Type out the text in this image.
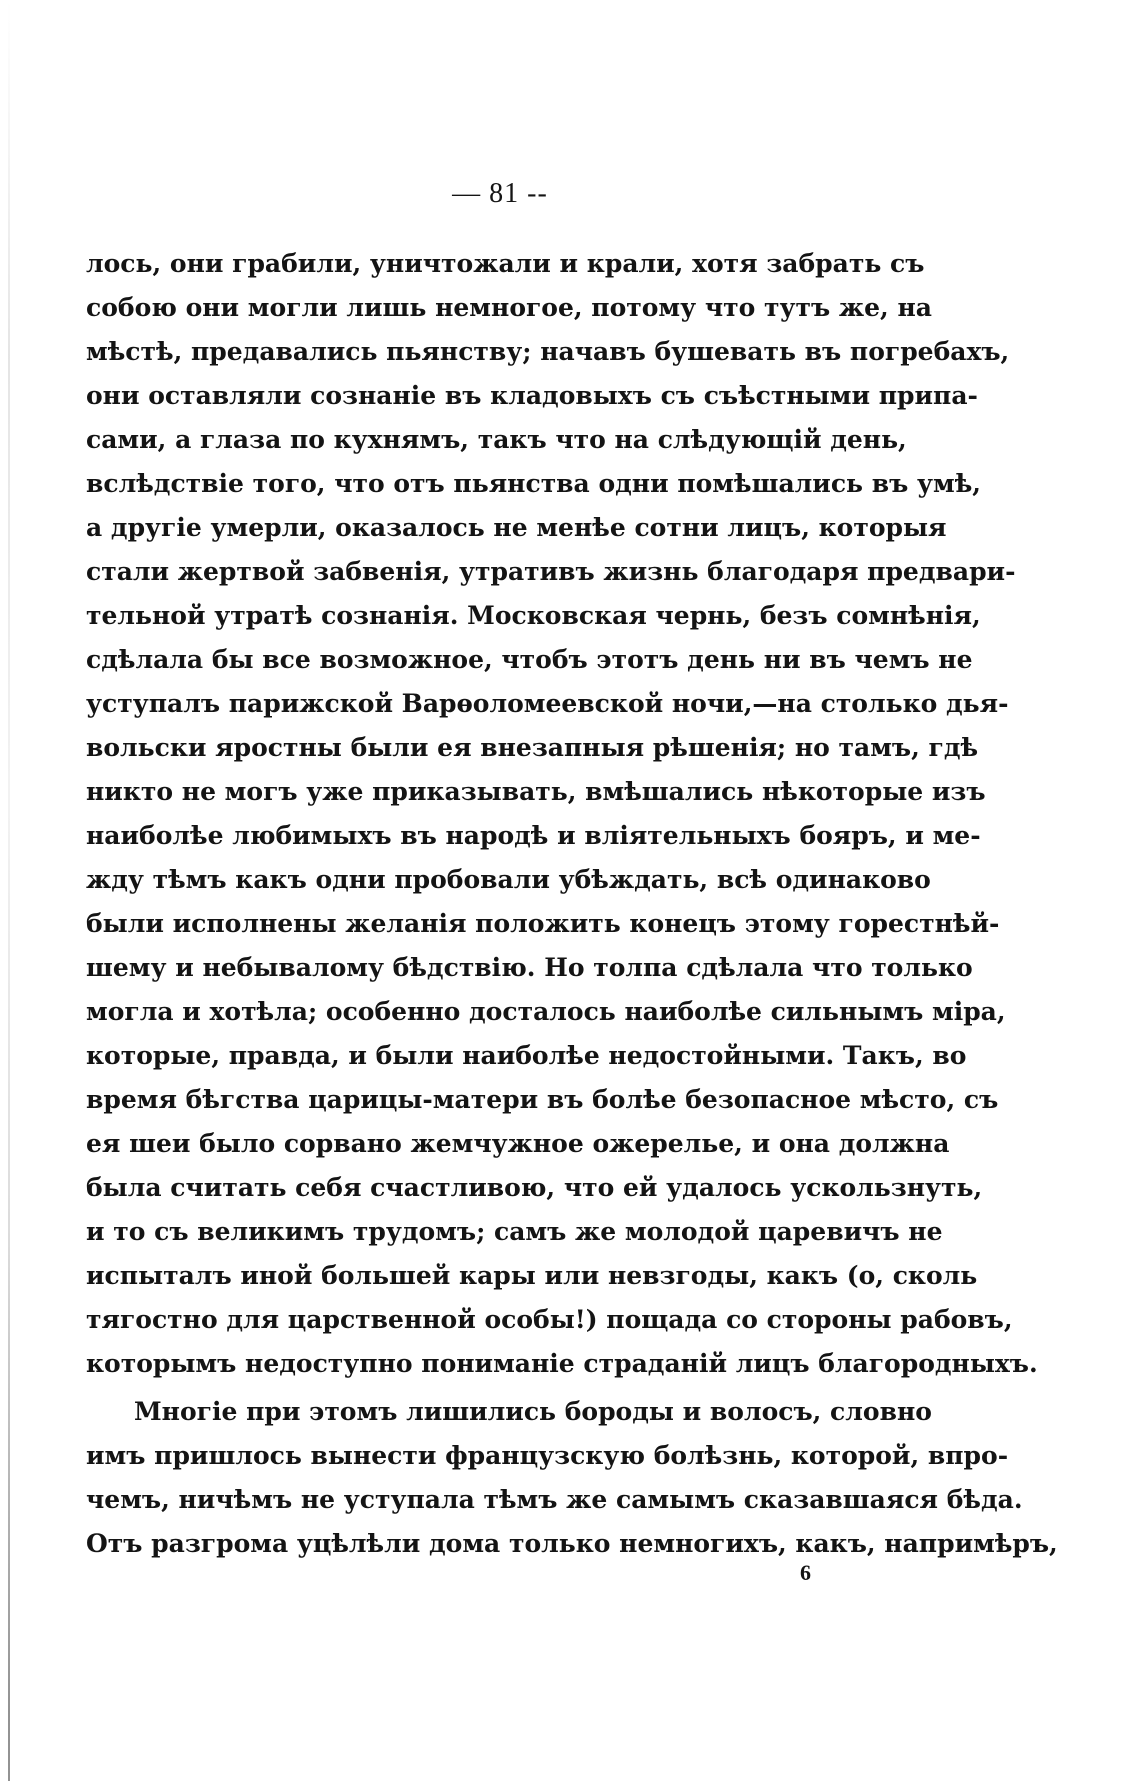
— 81 --
лось, они грабили, уничтожали и крали, хотя забрать съ
собою они могли лишь немногое, потому что тутъ же, на
мѣстѣ, предавались пьянству; начавъ бушевать въ погребахъ,
они оставляли сознаніе въ кладовыхъ съ съѣстными припа-
сами, а глаза по кухнямъ, такъ что на слѣдующій день,
вслѣдствіе того, что отъ пьянства одни помѣшались въ умѣ,
а другіе умерли, оказалось не менѣе сотни лицъ, которыя
стали жертвой забвенія, утративъ жизнь благодаря предвари-
тельной утратѣ сознанія. Московская чернь, безъ сомнѣнія,
сдѣлала бы все возможное, чтобъ этотъ день ни въ чемъ не
уступалъ парижской Варѳоломеевской ночи,—на столько дья-
вольски яростны были ея внезапныя рѣшенія; но тамъ, гдѣ
никто не могъ уже приказывать, вмѣшались нѣкоторые изъ
наиболѣе любимыхъ въ народѣ и вліятельныхъ бояръ, и ме-
жду тѣмъ какъ одни пробовали убѣждать, всѣ одинаково
были исполнены желанія положить конецъ этому горестнѣй-
шему и небывалому бѣдствію. Но толпа сдѣлала что только
могла и хотѣла; особенно досталось наиболѣе сильнымъ міра,
которые, правда, и были наиболѣе недостойными. Такъ, во
время бѣгства царицы-матери въ болѣе безопасное мѣсто, съ
ея шеи было сорвано жемчужное ожерелье, и она должна
была считать себя счастливою, что ей удалось ускользнуть,
и то съ великимъ трудомъ; самъ же молодой царевичъ не
испыталъ иной большей кары или невзгоды, какъ (о, сколь
тягостно для царственной особы!) пощада со стороны рабовъ,
которымъ недоступно пониманіе страданій лицъ благородныхъ.
Многіе при этомъ лишились бороды и волосъ, словно
имъ пришлось вынести французскую болѣзнь, которой, впро-
чемъ, ничѣмъ не уступала тѣмъ же самымъ сказавшаяся бѣда.
Отъ разгрома уцѣлѣли дома только немногихъ, какъ, напримѣръ,
6
